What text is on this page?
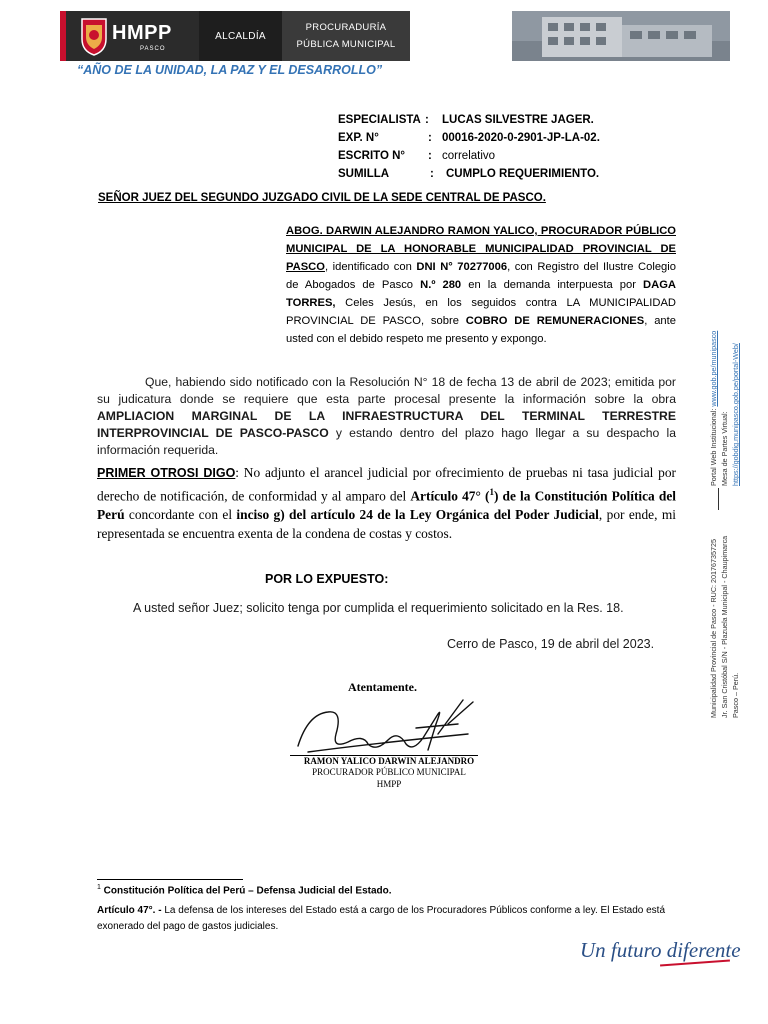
HMPP
PASCO
ALCALDÍA
PROCURADURÍA
PÚBLICA MUNICIPAL
“AÑO DE LA UNIDAD, LA PAZ Y EL DESARROLLO”
ESPECIALISTA : LUCAS SILVESTRE JAGER.
EXP. N°	: 00016-2020-0-2901-JP-LA-02.
ESCRITO N° : correlativo
SUMILLA	: CUMPLO REQUERIMIENTO.
SEÑOR JUEZ DEL SEGUNDO JUZGADO CIVIL DE LA SEDE CENTRAL DE PASCO.
ABOG. DARWIN ALEJANDRO RAMON YALICO, PROCURADOR PÚBLICO MUNICIPAL DE LA HONORABLE MUNICIPALIDAD PROVINCIAL DE PASCO, identificado con DNI N° 70277006, con Registro del Ilustre Colegio de Abogados de Pasco N.º 280 en la demanda interpuesta por DAGA TORRES, Celes Jesús, en los seguidos contra LA MUNICIPALIDAD PROVINCIAL DE PASCO, sobre COBRO DE REMUNERACIONES, ante usted con el debido respeto me presento y expongo.
Que, habiendo sido notificado con la Resolución N° 18 de fecha 13 de abril de 2023; emitida por su judicatura donde se requiere que esta parte procesal presente la información sobre la obra AMPLIACION MARGINAL DE LA INFRAESTRUCTURA DEL TERMINAL TERRESTRE INTERPROVINCIAL DE PASCO-PASCO y estando dentro del plazo hago llegar a su despacho la información requerida.
PRIMER OTROSI DIGO: No adjunto el arancel judicial por ofrecimiento de pruebas ni tasa judicial por derecho de notificación, de conformidad y al amparo del Artículo 47° ($^1$) de la Constitución Política del Perú concordante con el inciso g) del artículo 24 de la Ley Orgánica del Poder Judicial, por ende, mi representada se encuentra exenta de la condena de costas y costos.
POR LO EXPUESTO:
A usted señor Juez; solicito tenga por cumplida el requerimiento solicitado en la Res. 18.
Cerro de Pasco, 19 de abril del 2023.
Atentamente.
RAMON YALICO DARWIN ALEJANDRO
PROCURADOR PÚBLICO MUNICIPAL
HMPP
$^1$ Constitución Política del Perú – Defensa Judicial del Estado.
Artículo 47°. - La defensa de los intereses del Estado está a cargo de los Procuradores Públicos conforme a ley. El Estado está exonerado del pago de gastos judiciales.
Un futuro diferente
Portal Web Institucional: www.gob.pe/munipasco
Mesa de Partes Virtual: https://gobdig.munipasco.gob.pe/portal-Web/
Municipalidad Provincial de Pasco - RUC: 20176735725 Jr. San Cristóbal S/N - Plazuela Municipal - Chaupimarca Pasco – Perú.
